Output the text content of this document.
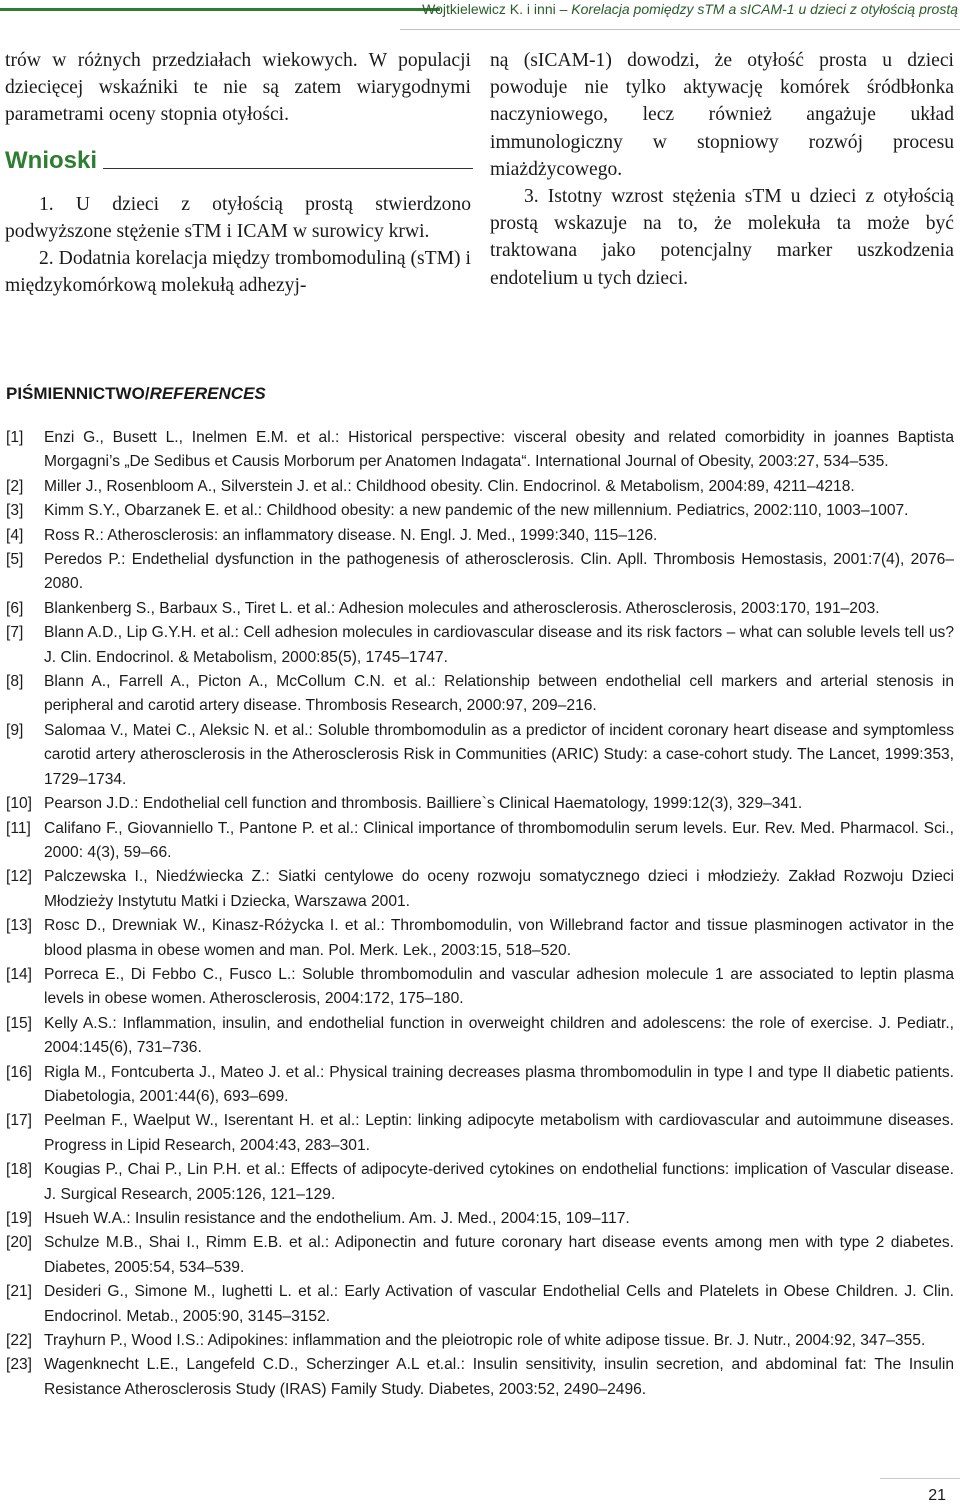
Wojtkielewicz K. i inni – Korelacja pomiędzy sTM a sICAM-1 u dzieci z otyłością prostą

trów w różnych przedziałach wiekowych. W populacji dziecięcej wskaźniki te nie są zatem wiarygodnymi parametrami oceny stopnia otyłości.

Wnioski

1. U dzieci z otyłością prostą stwierdzono podwyższone stężenie sTM i ICAM w surowicy krwi.

2. Dodatnia korelacja między trombomoduliną (sTM) i międzykomórkową molekułą adhezyj-

ną (sICAM-1) dowodzi, że otyłość prosta u dzieci powoduje nie tylko aktywację komórek śródbłonka naczyniowego, lecz również angażuje układ immunologiczny w stopniowy rozwój procesu miażdżycowego.

3. Istotny wzrost stężenia sTM u dzieci z otyłością prostą wskazuje na to, że molekuła ta może być traktowana jako potencjalny marker uszkodzenia endotelium u tych dzieci.

PIŚMIENNICTWO/REFERENCES
[1]	Enzi G., Busett L., Inelmen E.M. et al.: Historical perspective: visceral obesity and related comorbidity in joannes Baptista Morgagni’s „De Sedibus et Causis Morborum per Anatomen Indagata“. International Journal of Obesity, 2003:27, 534–535.
[2]	Miller J., Rosenbloom A., Silverstein J. et al.: Childhood obesity. Clin. Endocrinol. & Metabolism, 2004:89, 4211–4218.
[3]	Kimm S.Y., Obarzanek E. et al.: Childhood obesity: a new pandemic of the new millennium. Pediatrics, 2002:110, 1003–1007.
[4]	Ross R.: Atherosclerosis: an inflammatory disease. N. Engl. J. Med., 1999:340, 115–126.
[5]	Peredos P.: Endethelial dysfunction in the pathogenesis of atherosclerosis. Clin. Apll. Thrombosis Hemostasis, 2001:7(4), 2076–2080.
[6]	Blankenberg S., Barbaux S., Tiret L. et al.: Adhesion molecules and atherosclerosis. Atherosclerosis, 2003:170, 191–203.
[7]	Blann A.D., Lip G.Y.H. et al.: Cell adhesion molecules in cardiovascular disease and its risk factors – what can soluble levels tell us? J. Clin. Endocrinol. & Metabolism, 2000:85(5), 1745–1747.
[8]	Blann A., Farrell A., Picton A., McCollum C.N. et al.: Relationship between endothelial cell markers and arterial stenosis in peripheral and carotid artery disease. Thrombosis Research, 2000:97, 209–216.
[9]	Salomaa V., Matei C., Aleksic N. et al.: Soluble thrombomodulin as a predictor of incident coronary heart disease and symptomless carotid artery atherosclerosis in the Atherosclerosis Risk in Communities (ARIC) Study: a case-cohort study. The Lancet, 1999:353, 1729–1734.
[10] Pearson J.D.: Endothelial cell function and thrombosis. Bailliere`s Clinical Haematology, 1999:12(3), 329–341.
[11] Califano F., Giovanniello T., Pantone P. et al.: Clinical importance of thrombomodulin serum levels. Eur. Rev. Med. Pharmacol. Sci., 2000: 4(3), 59–66.
[12] Palczewska I., Niedźwiecka Z.: Siatki centylowe do oceny rozwoju somatycznego dzieci i młodzieży. Zakład Rozwoju Dzieci Młodzieży Instytutu Matki i Dziecka, Warszawa 2001.
[13] Rosc D., Drewniak W., Kinasz-Różycka I. et al.: Thrombomodulin, von Willebrand factor and tissue plasminogen activator in the blood plasma in obese women and man. Pol. Merk. Lek., 2003:15, 518–520.
[14] Porreca E., Di Febbo C., Fusco L.: Soluble thrombomodulin and vascular adhesion molecule 1 are associated to leptin plasma levels in obese women. Atherosclerosis, 2004:172, 175–180.
[15] Kelly A.S.: Inflammation, insulin, and endothelial function in overweight children and adolescens: the role of exercise. J. Pediatr., 2004:145(6), 731–736.
[16] Rigla M., Fontcuberta J., Mateo J. et al.: Physical training decreases plasma thrombomodulin in type I and type II diabetic patients. Diabetologia, 2001:44(6), 693–699.
[17] Peelman F., Waelput W., Iserentant H. et al.: Leptin: linking adipocyte metabolism with cardiovascular and autoimmune diseases. Progress in Lipid Research, 2004:43, 283–301.
[18] Kougias P., Chai P., Lin P.H. et al.: Effects of adipocyte-derived cytokines on endothelial functions: implication of Vascular disease. J. Surgical Research, 2005:126, 121–129.
[19] Hsueh W.A.: Insulin resistance and the endothelium. Am. J. Med., 2004:15, 109–117.
[20] Schulze M.B., Shai I., Rimm E.B. et al.: Adiponectin and future coronary hart disease events among men with type 2 diabetes. Diabetes, 2005:54, 534–539.
[21] Desideri G., Simone M., Iughetti L. et al.: Early Activation of vascular Endothelial Cells and Platelets in Obese Children. J. Clin. Endocrinol. Metab., 2005:90, 3145–3152.
[22] Trayhurn P., Wood I.S.: Adipokines: inflammation and the pleiotropic role of white adipose tissue. Br. J. Nutr., 2004:92, 347–355.
[23] Wagenknecht L.E., Langefeld C.D., Scherzinger A.L et.al.: Insulin sensitivity, insulin secretion, and abdominal fat: The Insulin Resistance Atherosclerosis Study (IRAS) Family Study. Diabetes, 2003:52, 2490–2496.
21
